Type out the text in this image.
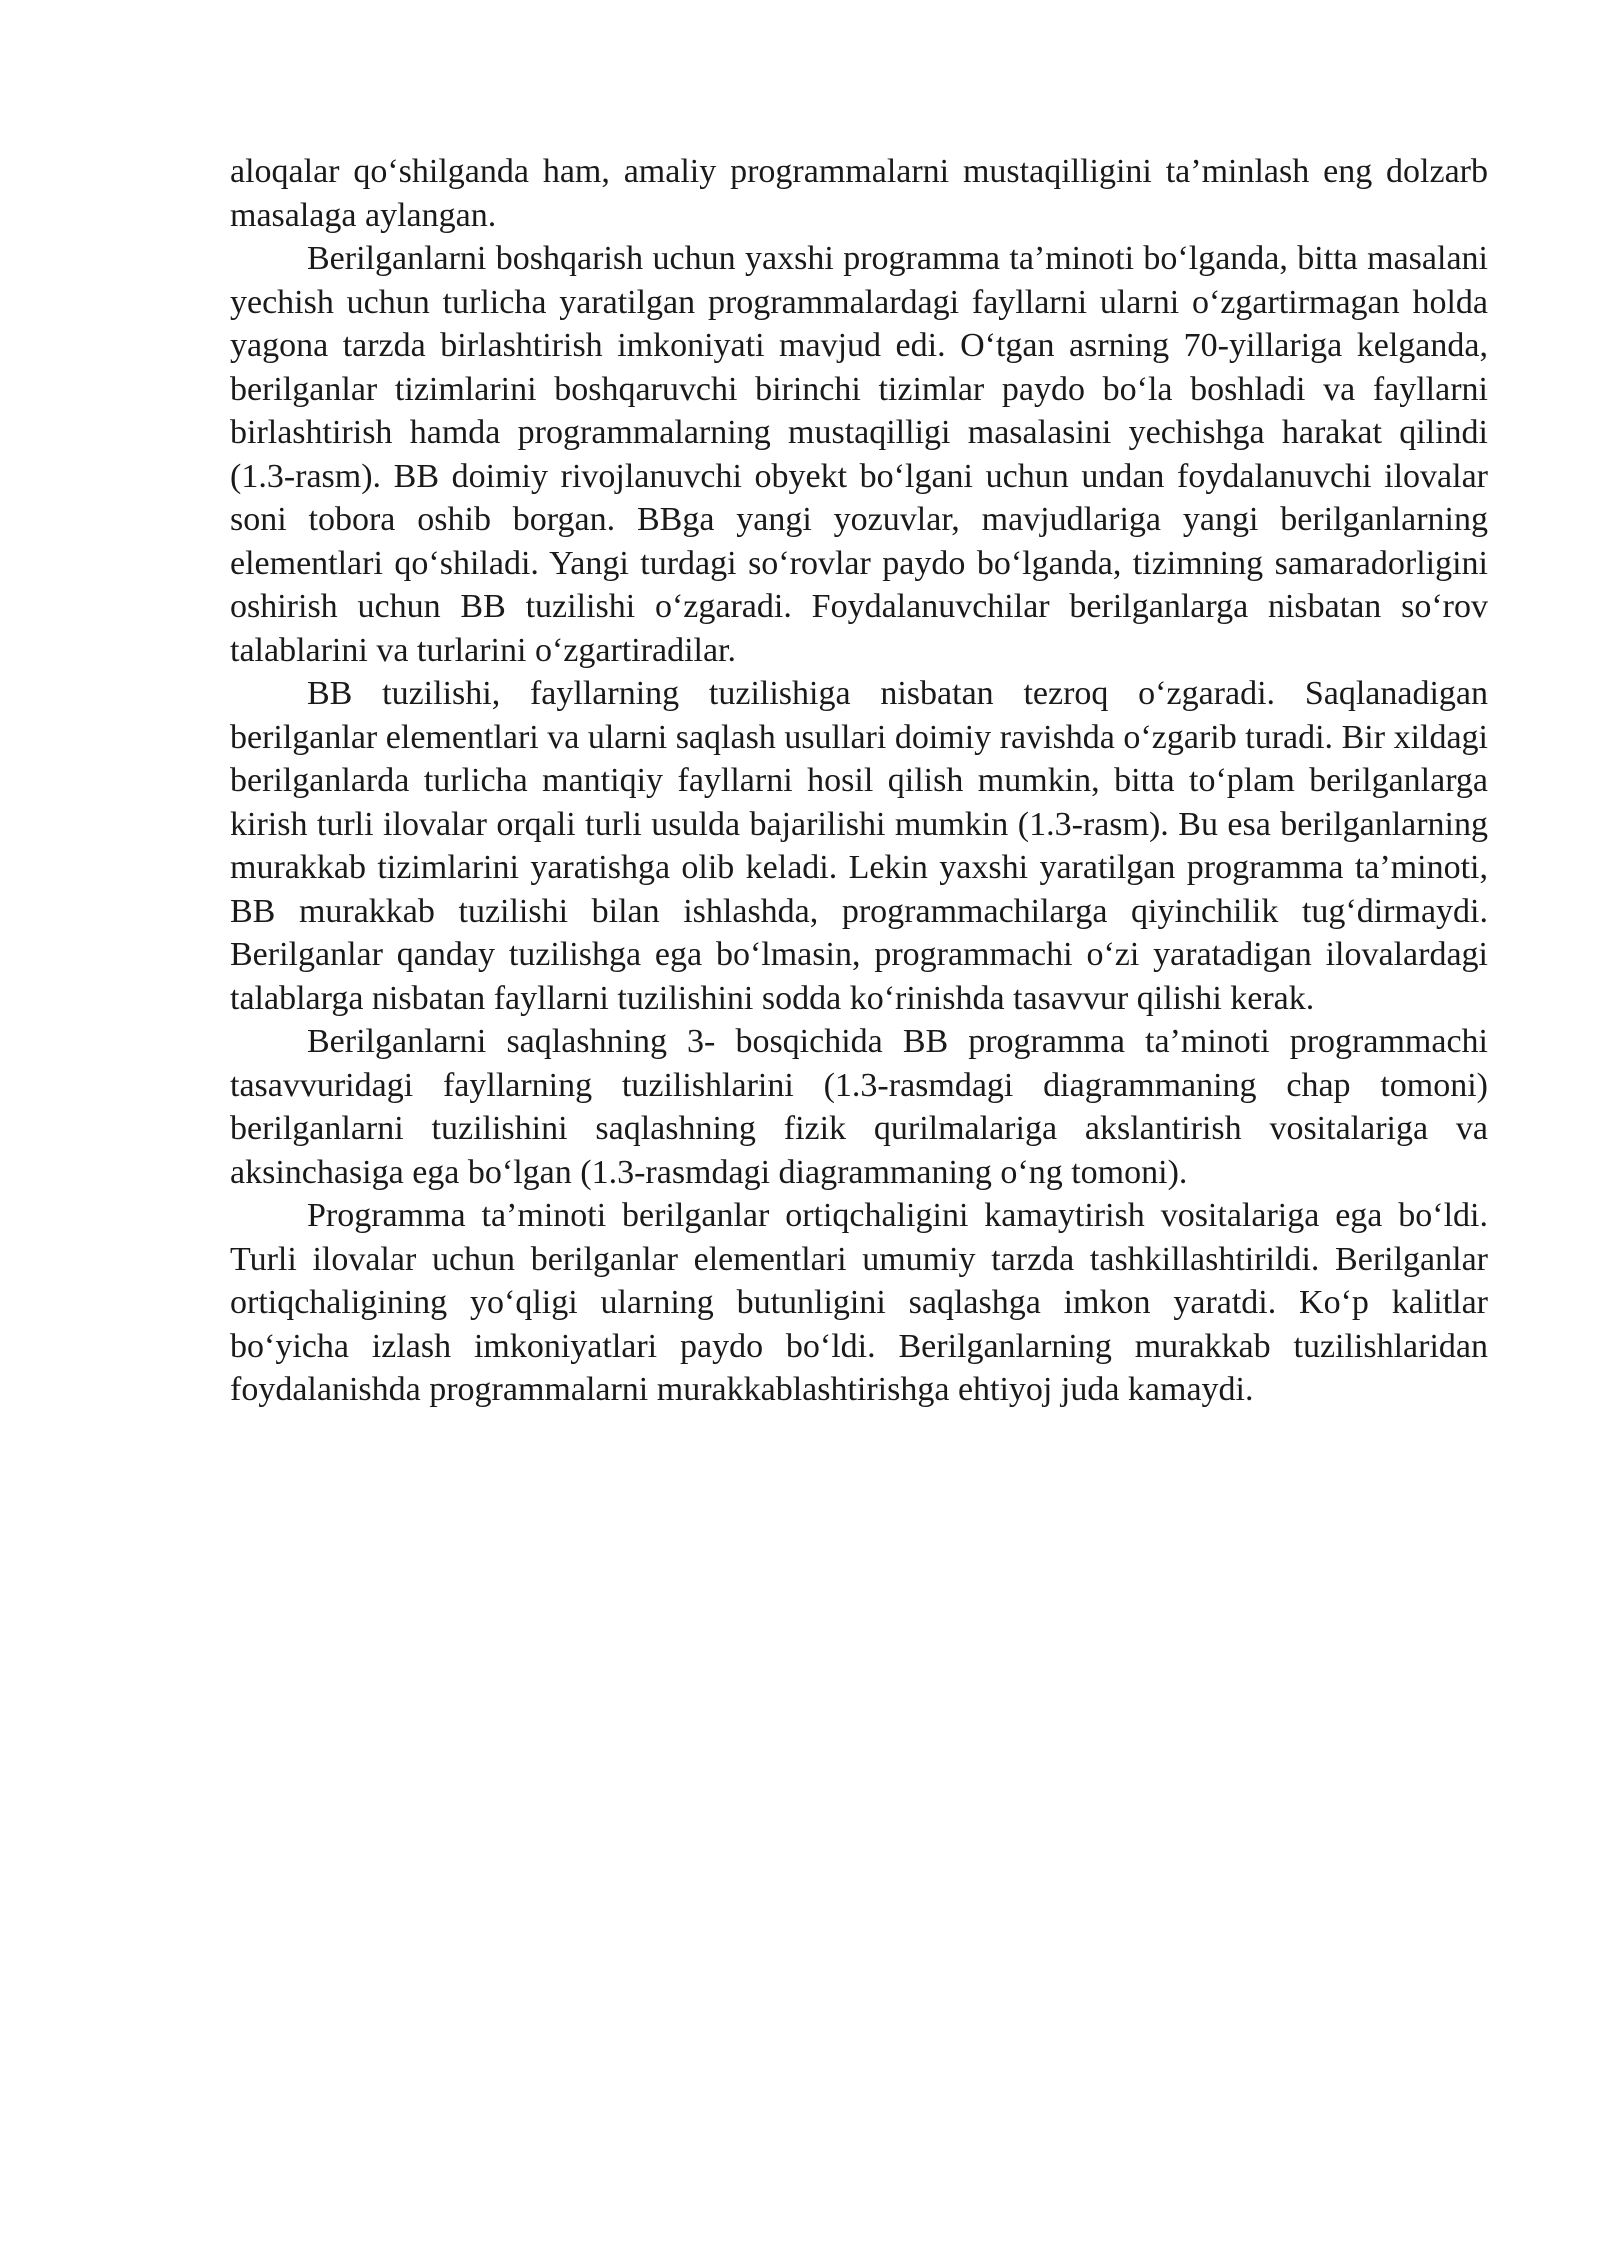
aloqalar qo‘shilganda ham, amaliy programmalarni mustaqilligini ta’minlash eng dolzarb masalaga aylangan.

Berilganlarni boshqarish uchun yaxshi programma ta’minoti bo‘lganda, bitta masalani yechish uchun turlicha yaratilgan programmalardagi fayllarni ularni o‘zgartirmagan holda yagona tarzda birlashtirish imkoniyati mavjud edi. O‘tgan asrning 70-yillariga kelganda, berilganlar tizimlarini boshqaruvchi birinchi tizimlar paydo bo‘la boshladi va fayllarni birlashtirish hamda programmalarning mustaqilligi masalasini yechishga harakat qilindi (1.3-rasm). BB doimiy rivojlanuvchi obyekt bo‘lgani uchun undan foydalanuvchi ilovalar soni tobora oshib borgan. BBga yangi yozuvlar, mavjudlariga yangi berilganlarning elementlari qo‘shiladi. Yangi turdagi so‘rovlar paydo bo‘lganda, tizimning samaradorligini oshirish uchun BB tuzilishi o‘zgaradi. Foydalanuvchilar berilganlarga nisbatan so‘rov talablarini va turlarini o‘zgartiradilar.

BB tuzilishi, fayllarning tuzilishiga nisbatan tezroq o‘zgaradi. Saqlanadigan berilganlar elementlari va ularni saqlash usullari doimiy ravishda o‘zgarib turadi. Bir xildagi berilganlarda turlicha mantiqiy fayllarni hosil qilish mumkin, bitta to‘plam berilganlarga kirish turli ilovalar orqali turli usulda bajarilishi mumkin (1.3-rasm). Bu esa berilganlarning murakkab tizimlarini yaratishga olib keladi. Lekin yaxshi yaratilgan programma ta’minoti, BB murakkab tuzilishi bilan ishlashda, programmachilarga qiyinchilik tug‘dirmaydi. Berilganlar qanday tuzilishga ega bo‘lmasin, programmachi o‘zi yaratadigan ilovalardagi talablarga nisbatan fayllarni tuzilishini sodda ko‘rinishda tasavvur qilishi kerak.

Berilganlarni saqlashning 3- bosqichida BB programma ta’minoti programmachi tasavvuridagi fayllarning tuzilishlarini (1.3-rasmdagi diagrammaning chap tomoni) berilganlarni tuzilishini saqlashning fizik qurilmalariga akslantirish vositalariga va aksinchasiga ega bo‘lgan (1.3-rasmdagi diagrammaning o‘ng tomoni).

Programma ta’minoti berilganlar ortiqchaligini kamaytirish vositalariga ega bo‘ldi. Turli ilovalar uchun berilganlar elementlari umumiy tarzda tashkillashtirildi. Berilganlar ortiqchaligining yo‘qligi ularning butunligini saqlashga imkon yaratdi. Ko‘p kalitlar bo‘yicha izlash imkoniyatlari paydo bo‘ldi. Berilganlarning murakkab tuzilishlaridan foydalanishda programmalarni murakkablashtirishga ehtiyoj juda kamaydi.
